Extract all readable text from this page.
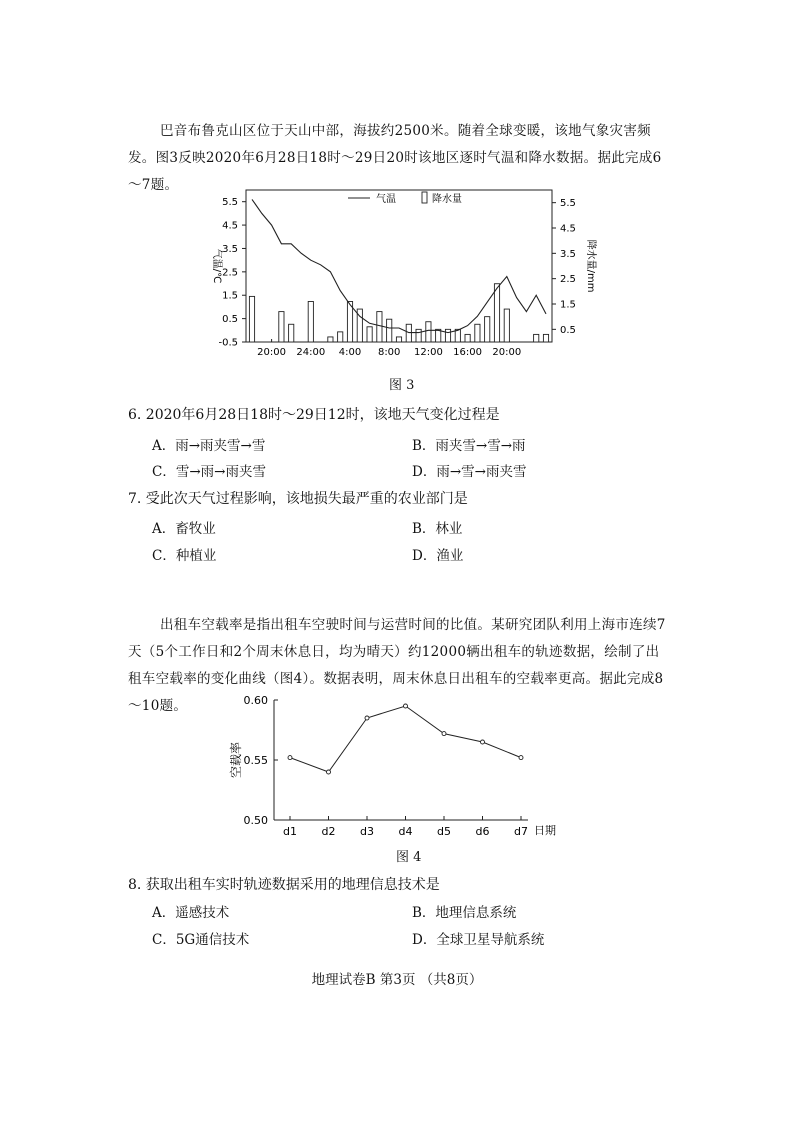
巴音布鲁克山区位于天山中部，海拔约2500米。随着全球变暖，该地气象灾害频发。图3反映2020年6月28日18时～29日20时该地区逐时气温和降水数据。据此完成6～7题。

5.5
4.5
3.5
2.5
1.5
0.5
-0.5
5.5
4.5
3.5
2.5
1.5
0.5
20:00 24:00 4:00 8:00 12:00 16:00 20:00
气温	降水量
气温/℃	降水量/mm
图 3
6. 2020年6月28日18时～29日12时，该地天气变化过程是
A．雨→雨夹雪→雪	B．雨夹雪→雪→雨
C．雪→雨→雨夹雪	D．雨→雪→雨夹雪
7. 受此次天气过程影响，该地损失最严重的农业部门是
A．畜牧业	B．林业
C．种植业	D．渔业

出租车空载率是指出租车空驶时间与运营时间的比值。某研究团队利用上海市连续7天（5个工作日和2个周末休息日，均为晴天）约12000辆出租车的轨迹数据，绘制了出租车空载率的变化曲线（图4）。数据表明，周末休息日出租车的空载率更高。据此完成8～10题。	0.60
0.55
0.50
d1 d2 d3 d4 d5 d6 d7 日期
空载率
图 4
8. 获取出租车实时轨迹数据采用的地理信息技术是
A．遥感技术	B．地理信息系统
C．5G通信技术	D．全球卫星导航系统
地理试卷B 第3页 （共8页）
